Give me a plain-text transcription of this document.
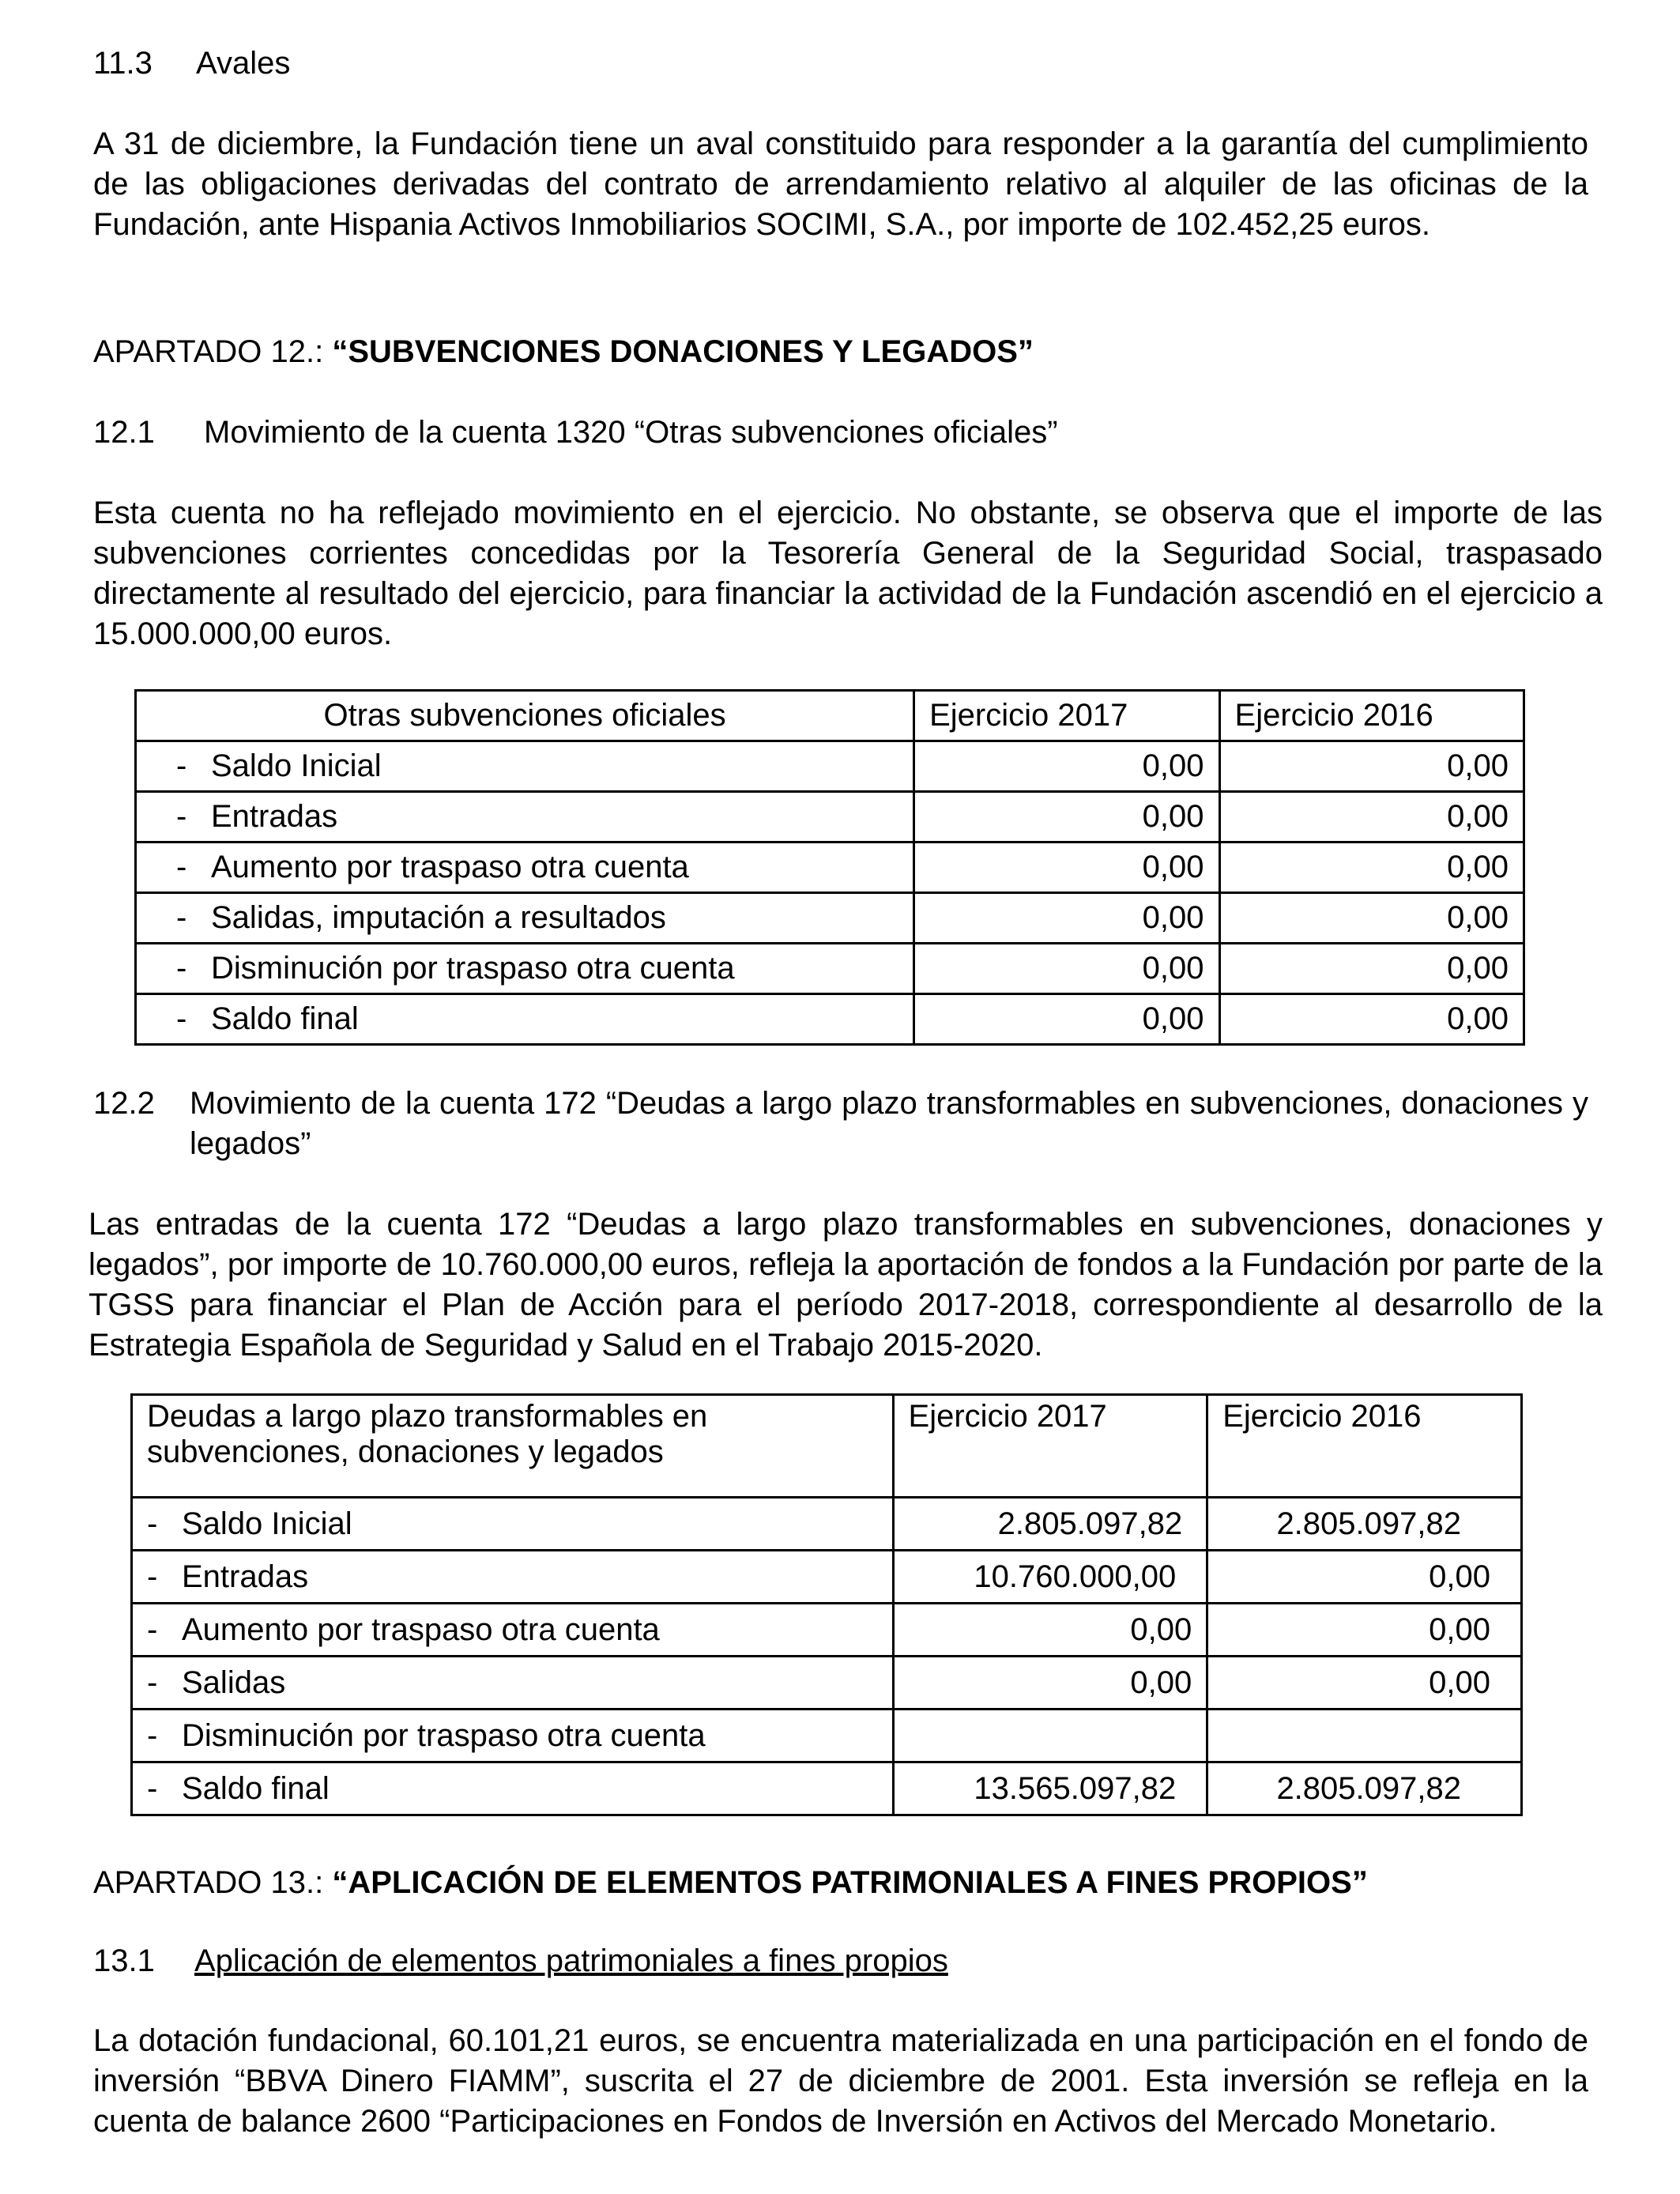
11.3 Avales

A 31 de diciembre, la Fundación tiene un aval constituido para responder a la garantía del cumplimiento de las obligaciones derivadas del contrato de arrendamiento relativo al alquiler de las oficinas de la Fundación, ante Hispania Activos Inmobiliarios SOCIMI, S.A., por importe de 102.452,25 euros.

APARTADO 12.: “SUBVENCIONES DONACIONES Y LEGADOS”

12.1 Movimiento de la cuenta 1320 “Otras subvenciones oficiales”

Esta cuenta no ha reflejado movimiento en el ejercicio. No obstante, se observa que el importe de las subvenciones corrientes concedidas por la Tesorería General de la Seguridad Social, traspasado directamente al resultado del ejercicio, para financiar la actividad de la Fundación ascendió en el ejercicio a 15.000.000,00 euros.

Otras subvenciones oficiales	Ejercicio 2017	Ejercicio 2016
- Saldo Inicial	0,00	0,00
- Entradas	0,00	0,00
- Aumento por traspaso otra cuenta	0,00	0,00
- Salidas, imputación a resultados	0,00	0,00
- Disminución por traspaso otra cuenta	0,00	0,00
- Saldo final	0,00	0,00
12.2 Movimiento de la cuenta 172 “Deudas a largo plazo transformables en subvenciones, donaciones y legados”

Las entradas de la cuenta 172 “Deudas a largo plazo transformables en subvenciones, donaciones y legados”, por importe de 10.760.000,00 euros, refleja la aportación de fondos a la Fundación por parte de la TGSS para financiar el Plan de Acción para el período 2017-2018, correspondiente al desarrollo de la Estrategia Española de Seguridad y Salud en el Trabajo 2015-2020.

Deudas a largo plazo transformables en subvenciones, donaciones y legados	Ejercicio 2017	Ejercicio 2016
- Saldo Inicial	2.805.097,82	2.805.097,82
- Entradas	10.760.000,00	0,00
- Aumento por traspaso otra cuenta	0,00	0,00
- Salidas	0,00	0,00
- Disminución por traspaso otra cuenta		
- Saldo final	13.565.097,82	2.805.097,82

APARTADO 13.: “APLICACIÓN DE ELEMENTOS PATRIMONIALES A FINES PROPIOS”

13.1 Aplicación de elementos patrimoniales a fines propios

La dotación fundacional, 60.101,21 euros, se encuentra materializada en una participación en el fondo de inversión “BBVA Dinero FIAMM”, suscrita el 27 de diciembre de 2001. Esta inversión se refleja en la cuenta de balance 2600 “Participaciones en Fondos de Inversión en Activos del Mercado Monetario.
